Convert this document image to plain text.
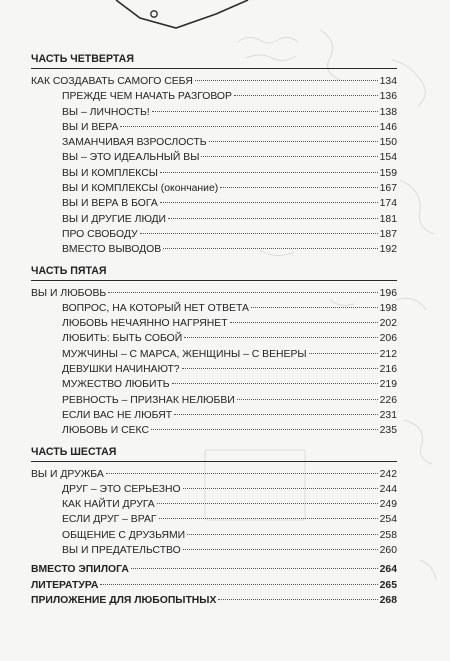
ЧАСТЬ ЧЕТВЕРТАЯ
КАК СОЗДАВАТЬ САМОГО СЕБЯ	134
ПРЕЖДЕ ЧЕМ НАЧАТЬ РАЗГОВОР	136
ВЫ – ЛИЧНОСТЬ!	138
ВЫ И ВЕРА	146
ЗАМАНЧИВАЯ ВЗРОСЛОСТЬ	150
ВЫ – ЭТО ИДЕАЛЬНЫЙ ВЫ	154
ВЫ И КОМПЛЕКСЫ	159
ВЫ И КОМПЛЕКСЫ (окончание)	167
ВЫ И ВЕРА В БОГА	174
ВЫ И ДРУГИЕ ЛЮДИ	181
ПРО СВОБОДУ	187
ВМЕСТО ВЫВОДОВ	192
ЧАСТЬ ПЯТАЯ
ВЫ И ЛЮБОВЬ	196
ВОПРОС, НА КОТОРЫЙ НЕТ ОТВЕТА	198
ЛЮБОВЬ НЕЧАЯННО НАГРЯНЕТ	202
ЛЮБИТЬ: БЫТЬ СОБОЙ	206
МУЖЧИНЫ – С МАРСА, ЖЕНЩИНЫ – С ВЕНЕРЫ	212
ДЕВУШКИ НАЧИНАЮТ?	216
МУЖЕСТВО ЛЮБИТЬ	219
РЕВНОСТЬ – ПРИЗНАК НЕЛЮБВИ	226
ЕСЛИ ВАС НЕ ЛЮБЯТ	231
ЛЮБОВЬ И СЕКС	235
ЧАСТЬ ШЕСТАЯ
ВЫ И ДРУЖБА	242
ДРУГ – ЭТО СЕРЬЕЗНО	244
КАК НАЙТИ ДРУГА	249
ЕСЛИ ДРУГ – ВРАГ	254
ОБЩЕНИЕ С ДРУЗЬЯМИ	258
ВЫ И ПРЕДАТЕЛЬСТВО	260
ВМЕСТО ЭПИЛОГА	264
ЛИТЕРАТУРА	265
ПРИЛОЖЕНИЕ ДЛЯ ЛЮБОПЫТНЫХ	268
